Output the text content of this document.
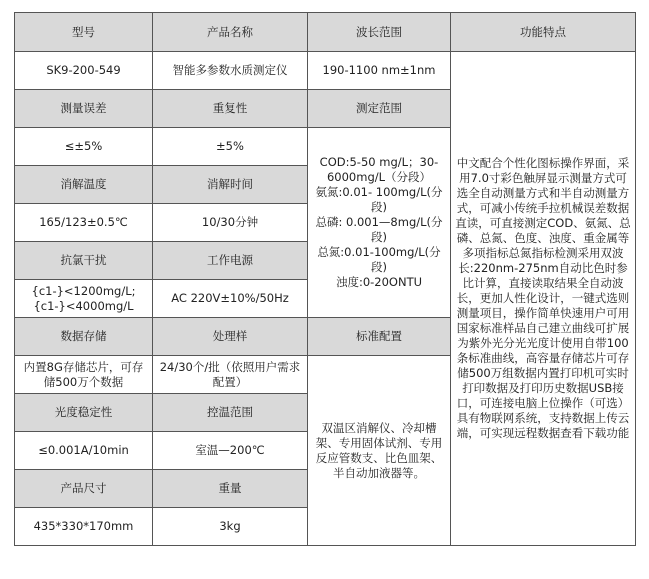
型号	产品名称	波长范围	功能特点
SK9-200-549	智能多参数水质测定仪	190-1100 nm±1nm	中文配合个性化图标操作界面，采用7.0寸彩色触屏显示测量方式可选全自动测量方式和半自动测量方式，可减小传统手拉机械误差数据直读，可直接测定COD、氨氮、总磷、总氮、色度、浊度、重金属等多项指标总氮指标检测采用双波长:220nm-275nm自动比色时参比计算，直接读取结果全自动波长，更加人性化设计，一键式选则测量项目，操作简单快速用户可用国家标准样品自己建立曲线可扩展为紫外光分光光度计使用自带100条标准曲线，高容量存储芯片可存储500万组数据内置打印机可实时打印数据及打印历史数据USB接口，可连接电脑上位操作（可选）具有物联网系统，支持数据上传云端，可实现远程数据查看下载功能
测量误差	重复性	测定范围	
≤±5%	±5%	COD:5-50 mg/L；30-6000mg/L（分段）
氨氮:0.01- 100mg/L(分段)
总磷: 0.001—8mg/L(分段)
总氮:0.01-100mg/L(分段)
浊度:0-20ONTU	

消解温度	消解时间		
165/123±0.5℃	10/30分钟		
抗氯干扰	工作电源		

{c1-}<1200mg/L;
{c1-}<4000mg/L	AC 220V±10%/50Hz		
数据存储	处理样	标准配置	
内置8G存储芯片，可存储500万个数据	24/30个/批（依照用户需求配置）	双温区消解仪、冷却槽架、专用固体试剂、专用反应管数支、比色皿架、半自动加液器等。	
光度稳定性	控温范围		
≤0.001A/10min	室温—200℃		
产品尺寸	重量		
435*330*170mm	3kg		
